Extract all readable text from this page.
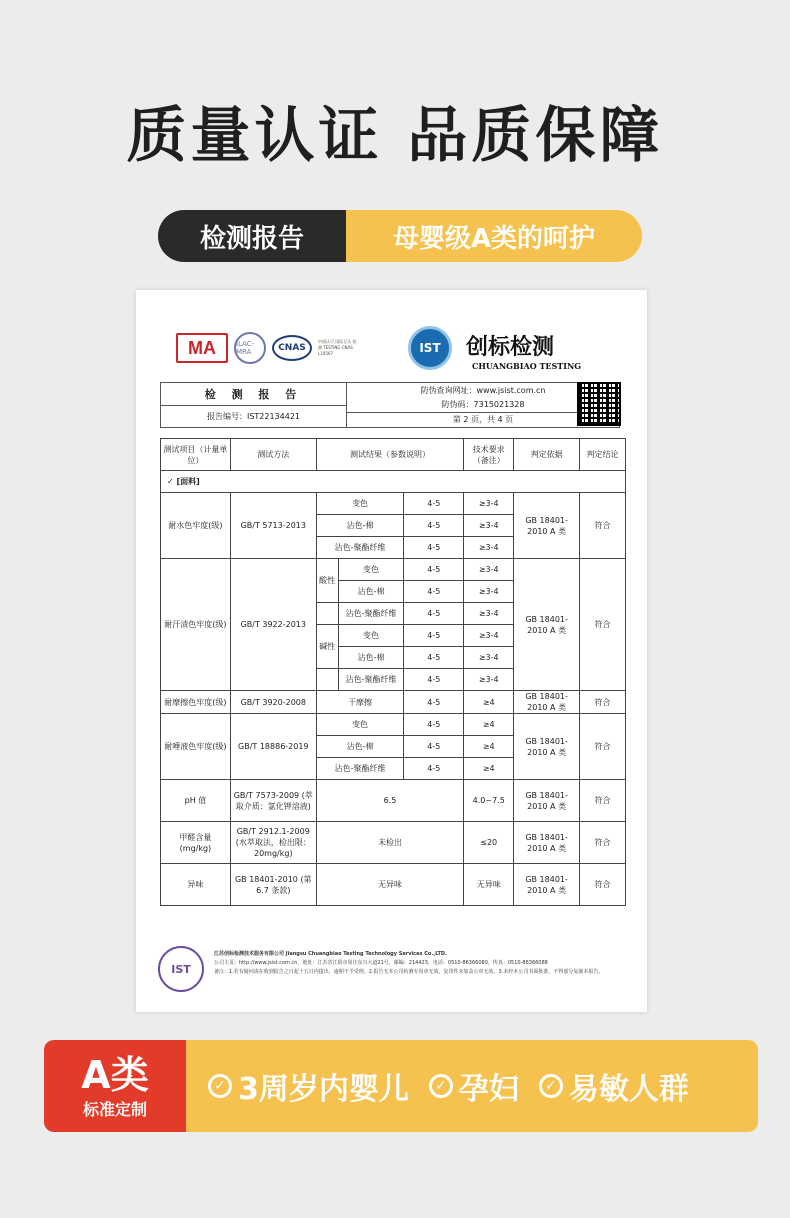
质量认证 品质保障
检测报告	母婴级A类的呵护
MA	ILAC-MRA	CNAS
中国认可 国际互认 检测 TESTING CNAS L10567	IST	创标检测
CHUANGBIAO TESTING
检 测 报 告
报告编号：IST22134421
防伪查询网址：www.jsist.com.cn
防伪码：7315021328
第 2 页，共 4 页
测试项目（计量单位）	测试方法	测试结果（参数说明）			技术要求（备注）	判定依据	判定结论
✓ [面料]							
耐水色牢度(级)	GB/T 5713-2013	变色		4-5	≥3-4	GB 18401-2010 A 类	符合
		沾色-棉		4-5	≥3-4		
		沾色-聚酯纤维		4-5	≥3-4		
耐汗渍色牢度(级)	GB/T 3922-2013	酸性	变色	4-5	≥3-4	GB 18401-2010 A 类	符合
			沾色-棉	4-5	≥3-4		
			沾色-聚酯纤维	4-5	≥3-4		
		碱性	变色	4-5	≥3-4		
			沾色-棉	4-5	≥3-4		
			沾色-聚酯纤维	4-5	≥3-4		
耐摩擦色牢度(级)	GB/T 3920-2008	干摩擦		4-5	≥4	GB 18401-2010 A 类	符合
耐唾液色牢度(级)	GB/T 18886-2019	变色		4-5	≥4	GB 18401-2010 A 类	符合
		沾色-棉		4-5	≥4		
		沾色-聚酯纤维		4-5	≥4		
pH 值	GB/T 7573-2009 (萃取介质：氯化钾溶液)	6.5			4.0~7.5	GB 18401-2010 A 类	符合
甲醛含量 (mg/kg)	GB/T 2912.1-2009 (水萃取法，检出限：20mg/kg)	未检出			≤20	GB 18401-2010 A 类	符合
异味	GB 18401-2010 (第 6.7 条款)	无异味			无异味	GB 18401-2010 A 类	符合
IST
江苏创标检测技术服务有限公司 Jiangsu Chuangbiao Testing Technology Services Co.,LTD.
公司主页：http://www.jsist.com.cn，地址：江苏省江阴市周庄东兴大道21号，邮编：214423，电话：0510-86366080，传真：0510-86366088
备注：1.若有疑问请在收到报告之日起十五日内提出，逾期不予受理。2.报告无本公司检测专用章无效，复印件未加盖公章无效。3.未经本公司书面批准，不得部分复制本报告。
A类
标准定制
✓ 3周岁内婴儿	✓ 孕妇	✓ 易敏人群
